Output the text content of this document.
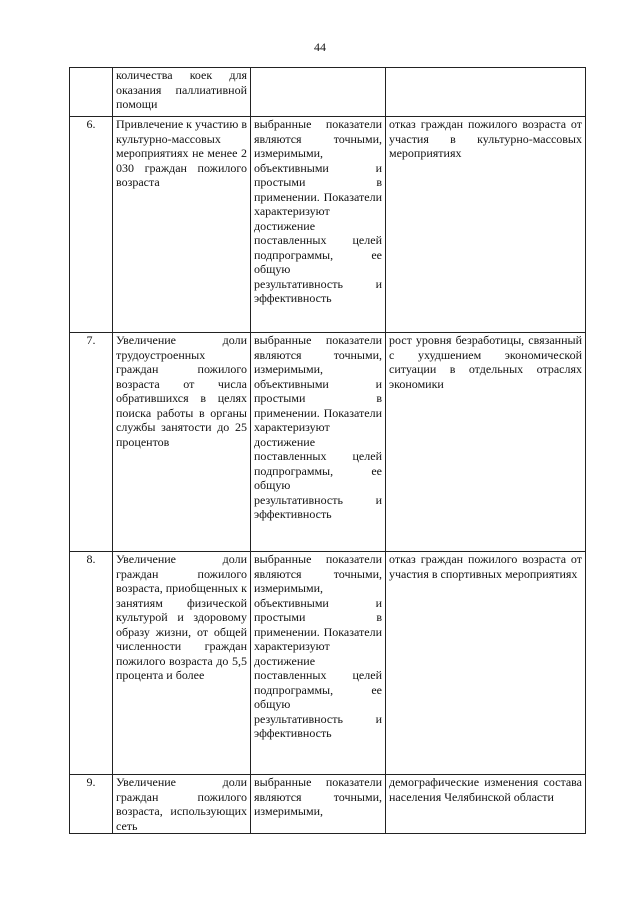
44
	количества коек для оказания паллиативной помощи		
6.	Привлечение к участию в культурно-массовых мероприятиях не менее 2 030 граждан пожилого возраста	выбранные показатели являются точными, измеримыми, объективными и простыми в применении. Показатели характеризуют достижение поставленных целей подпрограммы, ее общую результативность и эффективность	отказ граждан пожилого возраста от участия в культурно-массовых мероприятиях
7.	Увеличение доли трудоустроенных граждан пожилого возраста от числа обратившихся в целях поиска работы в органы службы занятости до 25 процентов	выбранные показатели являются точными, измеримыми, объективными и простыми в применении. Показатели характеризуют достижение поставленных целей подпрограммы, ее общую результативность и эффективность	рост уровня безработицы, связанный с ухудшением экономической ситуации в отдельных отраслях экономики
8.	Увеличение доли граждан пожилого возраста, приобщенных к занятиям физической культурой и здоровому образу жизни, от общей численности граждан пожилого возраста до 5,5 процента и более	выбранные показатели являются точными, измеримыми, объективными и простыми в применении. Показатели характеризуют достижение поставленных целей подпрограммы, ее общую результативность и эффективность	отказ граждан пожилого возраста от участия в спортивных мероприятиях
9.	Увеличение доли граждан пожилого возраста, использующих сеть	выбранные показатели являются точными, измеримыми,	демографические изменения состава населения Челябинской области
